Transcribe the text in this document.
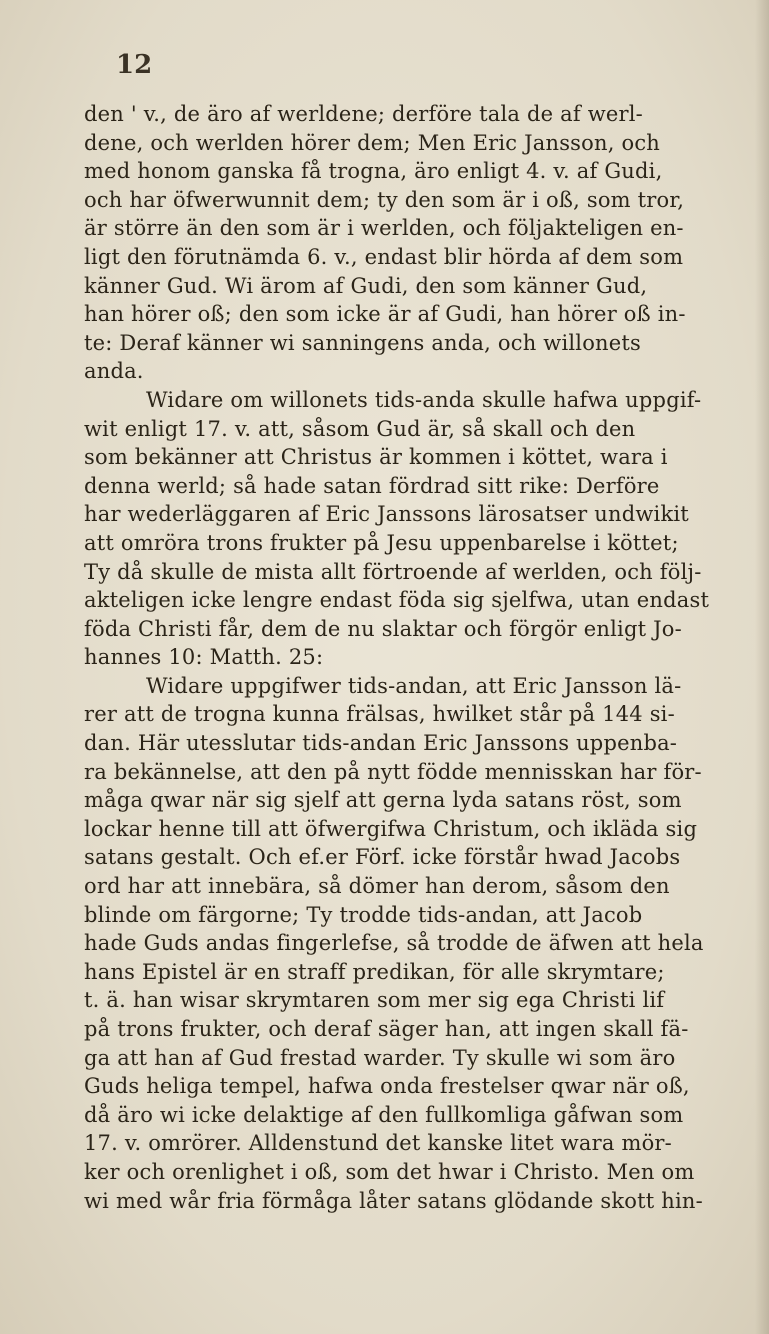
12
den ' v., de äro af werldene; derföre tala de af werl-
dene, och werlden hörer dem; Men Eric Jansson, och
med honom ganska få trogna, äro enligt 4. v. af Gudi,
och har öfwerwunnit dem; ty den som är i oß, som tror,
är större än den som är i werlden, och följakteligen en-
ligt den förutnämda 6. v., endast blir hörda af dem som
känner Gud. Wi ärom af Gudi, den som känner Gud,
han hörer oß; den som icke är af Gudi, han hörer oß in-
te: Deraf känner wi sanningens anda, och willonets
anda.
Widare om willonets tids-anda skulle hafwa uppgif-
wit enligt 17. v. att, såsom Gud är, så skall och den
som bekänner att Christus är kommen i köttet, wara i
denna werld; så hade satan fördrad sitt rike: Derföre
har wederläggaren af Eric Janssons lärosatser undwikit
att omröra trons frukter på Jesu uppenbarelse i köttet;
Ty då skulle de mista allt förtroende af werlden, och följ-
akteligen icke lengre endast föda sig sjelfwa, utan endast
föda Christi får, dem de nu slaktar och förgör enligt Jo-
hannes 10: Matth. 25:
Widare uppgifwer tids-andan, att Eric Jansson lä-
rer att de trogna kunna frälsas, hwilket står på 144 si-
dan. Här utesslutar tids-andan Eric Janssons uppenba-
ra bekännelse, att den på nytt födde mennisskan har för-
måga qwar när sig sjelf att gerna lyda satans röst, som
lockar henne till att öfwergifwa Christum, och ikläda sig
satans gestalt. Och ef.er Förf. icke förstår hwad Jacobs
ord har att innebära, så dömer han derom, såsom den
blinde om färgorne; Ty trodde tids-andan, att Jacob
hade Guds andas fingerlefse, så trodde de äfwen att hela
hans Epistel är en straff predikan, för alle skrymtare;
t. ä. han wisar skrymtaren som mer sig ega Christi lif
på trons frukter, och deraf säger han, att ingen skall fä-
ga att han af Gud frestad warder. Ty skulle wi som äro
Guds heliga tempel, hafwa onda frestelser qwar när oß,
då äro wi icke delaktige af den fullkomliga gåfwan som
17. v. omrörer. Alldenstund det kanske litet wara mör-
ker och orenlighet i oß, som det hwar i Christo. Men om
wi med wår fria förmåga låter satans glödande skott hin-
